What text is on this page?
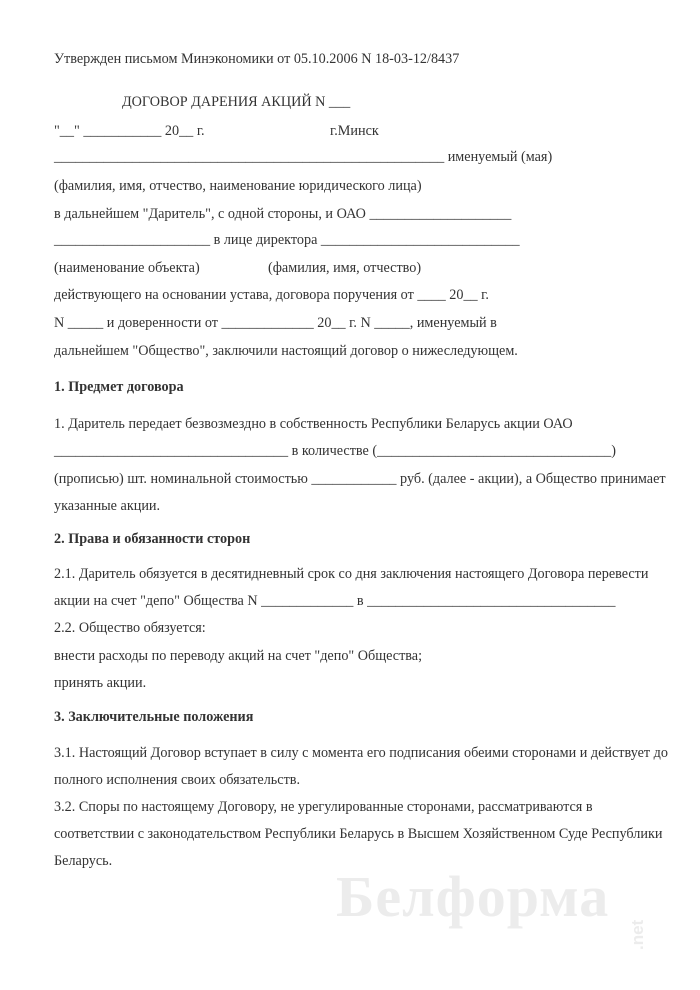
Утвержден письмом Минэкономики от 05.10.2006 N 18-03-12/8437
ДОГОВОР ДАРЕНИЯ АКЦИЙ N ___
"__" ___________ 20__ г.	г.Минск
_______________________________________________________ именуемый (мая)
(фамилия, имя, отчество, наименование юридического лица)
в дальнейшем "Даритель", с одной стороны, и ОАО ____________________
______________________ в лице директора ____________________________
(наименование объекта)	(фамилия, имя, отчество)
действующего на основании устава, договора поручения от ____ 20__ г.
N _____ и доверенности от _____________ 20__ г. N _____, именуемый в
дальнейшем "Общество", заключили настоящий договор о нижеследующем.
1. Предмет договора
1. Даритель передает безвозмездно в собственность Республики Беларусь акции ОАО
_________________________________ в количестве (_________________________________)
(прописью) шт. номинальной стоимостью ____________ руб. (далее - акции), а Общество принимает
указанные акции.
2. Права и обязанности сторон
2.1. Даритель обязуется в десятидневный срок со дня заключения настоящего Договора перевести
акции на счет "депо" Общества N _____________ в ___________________________________
2.2. Общество обязуется:
внести расходы по переводу акций на счет "депо" Общества;
принять акции.
3. Заключительные положения
3.1. Настоящий Договор вступает в силу с момента его подписания обеими сторонами и действует до
полного исполнения своих обязательств.
3.2. Споры по настоящему Договору, не урегулированные сторонами, рассматриваются в
соответствии с законодательством Республики Беларусь в Высшем Хозяйственном Суде Республики
Беларусь.
Белформа
.net
